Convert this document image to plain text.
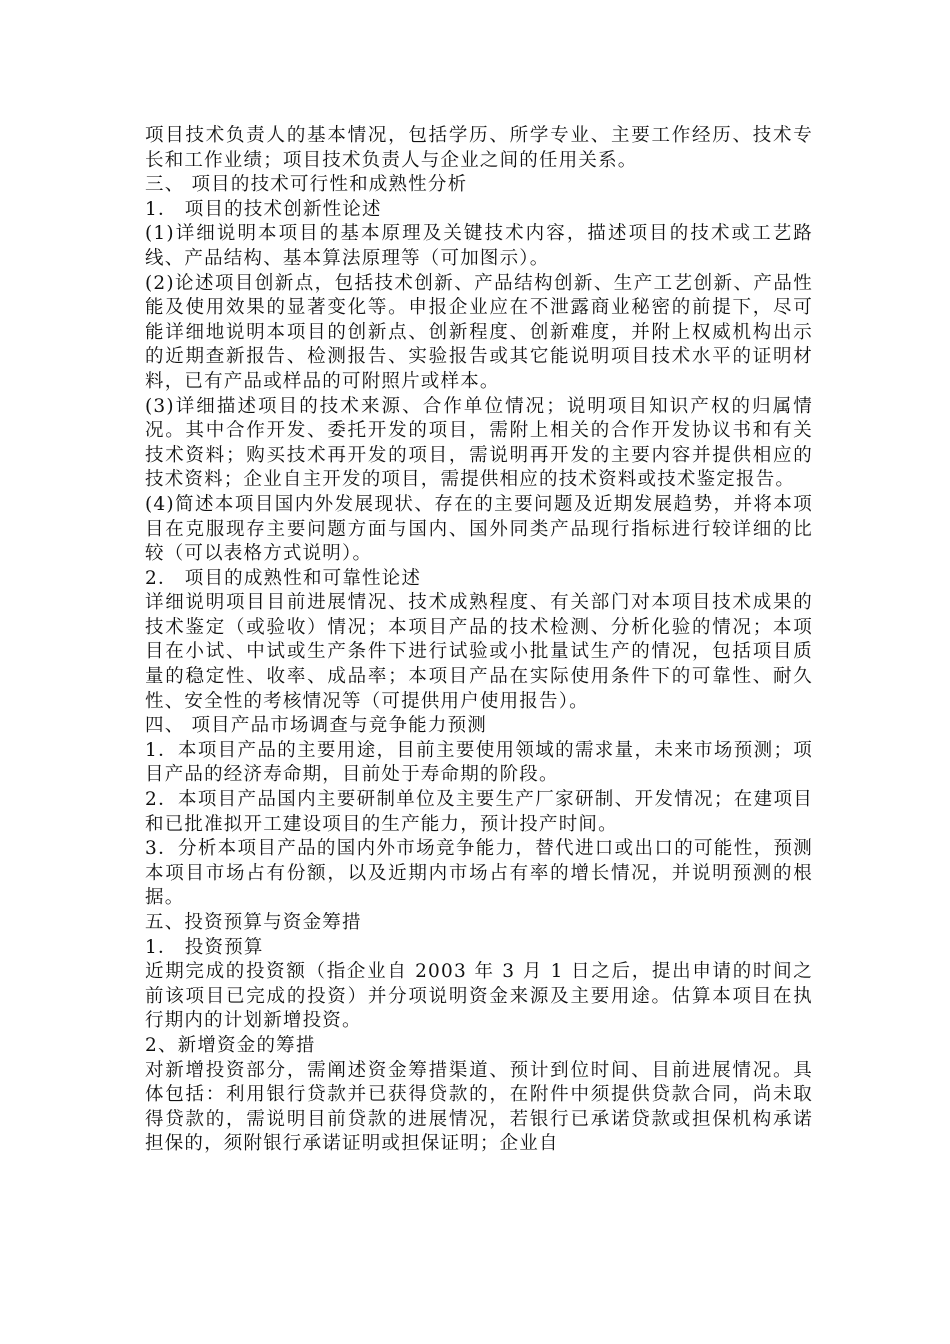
项目技术负责人的基本情况，包括学历、所学专业、主要工作经历、技术专长和工作业绩；项目技术负责人与企业之间的任用关系。

三、 项目的技术可行性和成熟性分析

1． 项目的技术创新性论述

(1)详细说明本项目的基本原理及关键技术内容，描述项目的技术或工艺路线、产品结构、基本算法原理等（可加图示）。

(2)论述项目创新点，包括技术创新、产品结构创新、生产工艺创新、产品性能及使用效果的显著变化等。申报企业应在不泄露商业秘密的前提下，尽可能详细地说明本项目的创新点、创新程度、创新难度，并附上权威机构出示的近期查新报告、检测报告、实验报告或其它能说明项目技术水平的证明材料，已有产品或样品的可附照片或样本。

(3)详细描述项目的技术来源、合作单位情况；说明项目知识产权的归属情况。其中合作开发、委托开发的项目，需附上相关的合作开发协议书和有关技术资料；购买技术再开发的项目，需说明再开发的主要内容并提供相应的技术资料；企业自主开发的项目，需提供相应的技术资料或技术鉴定报告。

(4)简述本项目国内外发展现状、存在的主要问题及近期发展趋势，并将本项目在克服现存主要问题方面与国内、国外同类产品现行指标进行较详细的比较（可以表格方式说明）。

2． 项目的成熟性和可靠性论述

详细说明项目目前进展情况、技术成熟程度、有关部门对本项目技术成果的技术鉴定（或验收）情况；本项目产品的技术检测、分析化验的情况；本项目在小试、中试或生产条件下进行试验或小批量试生产的情况，包括项目质量的稳定性、收率、成品率；本项目产品在实际使用条件下的可靠性、耐久性、安全性的考核情况等（可提供用户使用报告）。

四、 项目产品市场调查与竞争能力预测

1．本项目产品的主要用途，目前主要使用领域的需求量，未来市场预测；项目产品的经济寿命期，目前处于寿命期的阶段。

2．本项目产品国内主要研制单位及主要生产厂家研制、开发情况；在建项目和已批准拟开工建设项目的生产能力，预计投产时间。

3．分析本项目产品的国内外市场竞争能力，替代进口或出口的可能性，预测本项目市场占有份额，以及近期内市场占有率的增长情况，并说明预测的根据。

五、投资预算与资金筹措

1． 投资预算

近期完成的投资额（指企业自 2003 年 3 月 1 日之后，提出申请的时间之前该项目已完成的投资）并分项说明资金来源及主要用途。估算本项目在执行期内的计划新增投资。

2、新增资金的筹措

对新增投资部分，需阐述资金筹措渠道、预计到位时间、目前进展情况。具体包括：利用银行贷款并已获得贷款的，在附件中须提供贷款合同，尚未取得贷款的，需说明目前贷款的进展情况，若银行已承诺贷款或担保机构承诺担保的，须附银行承诺证明或担保证明；企业自
